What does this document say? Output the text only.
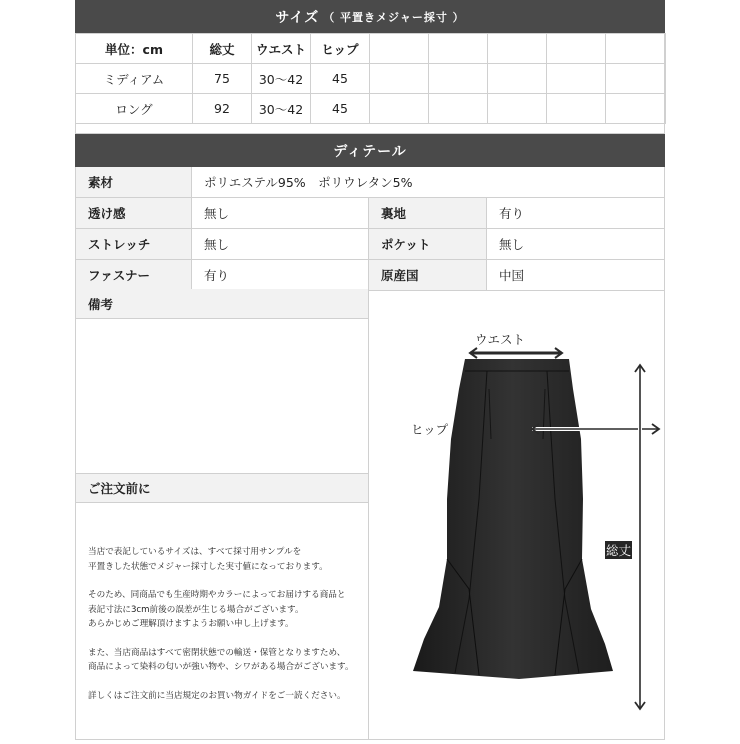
サイズ （ 平置きメジャー採寸 ）
単位：cm	総丈	ウエスト	ヒップ						
ミディアム	75	30〜42	45						
ロング	92	30〜42	45						
ディテール
素材	ポリエステル95%　ポリウレタン5%
透け感	無し	裏地	有り
ストレッチ	無し	ポケット	無し
ファスナー	有り	原産国	中国
備考
ご注文前に

当店で表記しているサイズは、すべて採寸用サンプルを
平置きした状態でメジャー採寸した実寸値になっております。

そのため、同商品でも生産時期やカラーによってお届けする商品と
表記寸法に3cm前後の誤差が生じる場合がございます。
あらかじめご理解頂けますようお願い申し上げます。

また、当店商品はすべて密閉状態での輸送・保管となりますため、
商品によって染料の匂いが強い物や、シワがある場合がございます。

詳しくはご注文前に当店規定のお買い物ガイドをご一読ください。

ウエスト
ヒップ
総丈
